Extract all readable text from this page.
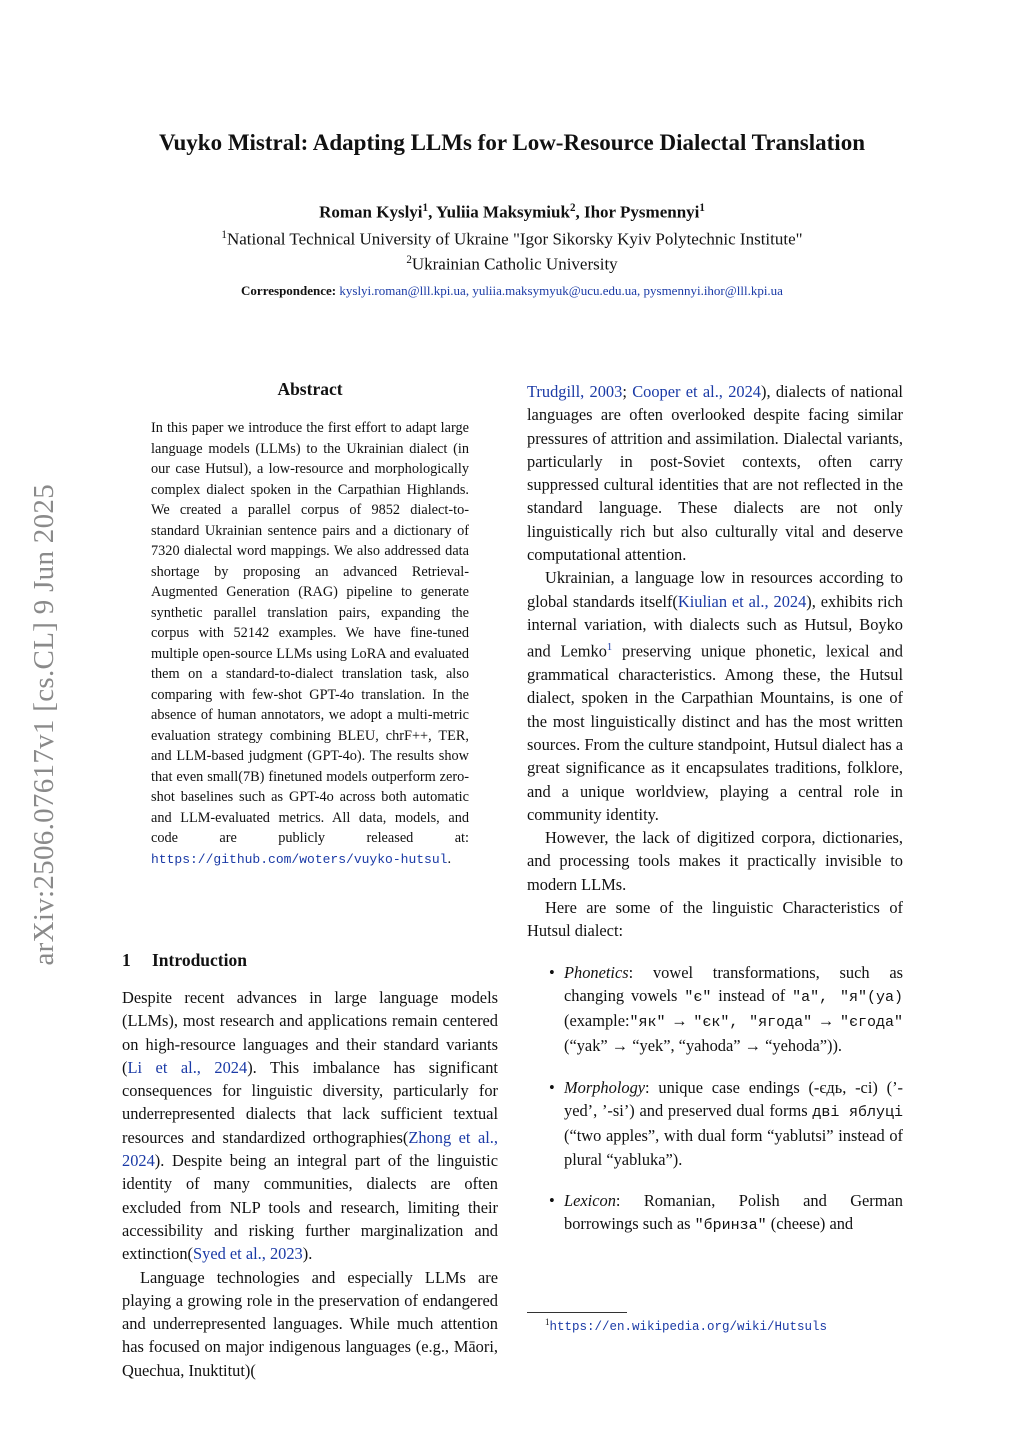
arXiv:2506.07617v1 [cs.CL] 9 Jun 2025
Vuyko Mistral: Adapting LLMs for Low-Resource Dialectal Translation
Roman Kyslyi$^1$, Yuliia Maksymiuk$^2$, Ihor Pysmennyi$^1$
$^1$National Technical University of Ukraine "Igor Sikorsky Kyiv Polytechnic Institute"
$^2$Ukrainian Catholic University
Correspondence: kyslyi.roman@lll.kpi.ua, yuliia.maksymyuk@ucu.edu.ua, pysmennyi.ihor@lll.kpi.ua
Abstract

In this paper we introduce the first effort to adapt large language models (LLMs) to the Ukrainian dialect (in our case Hutsul), a low-resource and morphologically complex dialect spoken in the Carpathian Highlands. We created a parallel corpus of 9852 dialect-to-standard Ukrainian sentence pairs and a dictionary of 7320 dialectal word mappings. We also addressed data shortage by proposing an advanced Retrieval-Augmented Generation (RAG) pipeline to generate synthetic parallel translation pairs, expanding the corpus with 52142 examples. We have fine-tuned multiple open-source LLMs using LoRA and evaluated them on a standard-to-dialect translation task, also comparing with few-shot GPT-4o translation. In the absence of human annotators, we adopt a multi-metric evaluation strategy combining BLEU, chrF++, TER, and LLM-based judgment (GPT-4o). The results show that even small(7B) finetuned models outperform zero-shot baselines such as GPT-4o across both automatic and LLM-evaluated metrics. All data, models, and code are publicly released at: https://github.com/woters/vuyko-hutsul.

1 Introduction

Despite recent advances in large language models (LLMs), most research and applications remain centered on high-resource languages and their standard variants (Li et al., 2024). This imbalance has significant consequences for linguistic diversity, particularly for underrepresented dialects that lack sufficient textual resources and standardized orthographies(Zhong et al., 2024). Despite being an integral part of the linguistic identity of many communities, dialects are often excluded from NLP tools and research, limiting their accessibility and risking further marginalization and extinction(Syed et al., 2023).

Language technologies and especially LLMs are playing a growing role in the preservation of endangered and underrepresented languages. While much attention has focused on major indigenous languages (e.g., Māori, Quechua, Inuktitut)(

Trudgill, 2003; Cooper et al., 2024), dialects of national languages are often overlooked despite facing similar pressures of attrition and assimilation. Dialectal variants, particularly in post-Soviet contexts, often carry suppressed cultural identities that are not reflected in the standard language. These dialects are not only linguistically rich but also culturally vital and deserve computational attention.

Ukrainian, a language low in resources according to global standards itself(Kiulian et al., 2024), exhibits rich internal variation, with dialects such as Hutsul, Boyko and Lemko$^1$ preserving unique phonetic, lexical and grammatical characteristics. Among these, the Hutsul dialect, spoken in the Carpathian Mountains, is one of the most linguistically distinct and has the most written sources. From the culture standpoint, Hutsul dialect has a great significance as it encapsulates traditions, folklore, and a unique worldview, playing a central role in community identity.

However, the lack of digitized corpora, dictionaries, and processing tools makes it practically invisible to modern LLMs.

Here are some of the linguistic Characteristics of Hutsul dialect:

• Phonetics: vowel transformations, such as changing vowels "є" instead of "а", "я"(ya) (example:"як" → "єк", "ягода" → "єгода" (“yak” → “yek”, “yahoda” → “yehoda”)).
• Morphology: unique case endings (-єдь, -сі) (’-yed’, ’-si’) and preserved dual forms дві яблуці (“two apples”, with dual form “yablutsi” instead of plural “yabluka”).
• Lexicon: Romanian, Polish and German borrowings such as "бринза" (cheese) and
$^1$https://en.wikipedia.org/wiki/Hutsuls
